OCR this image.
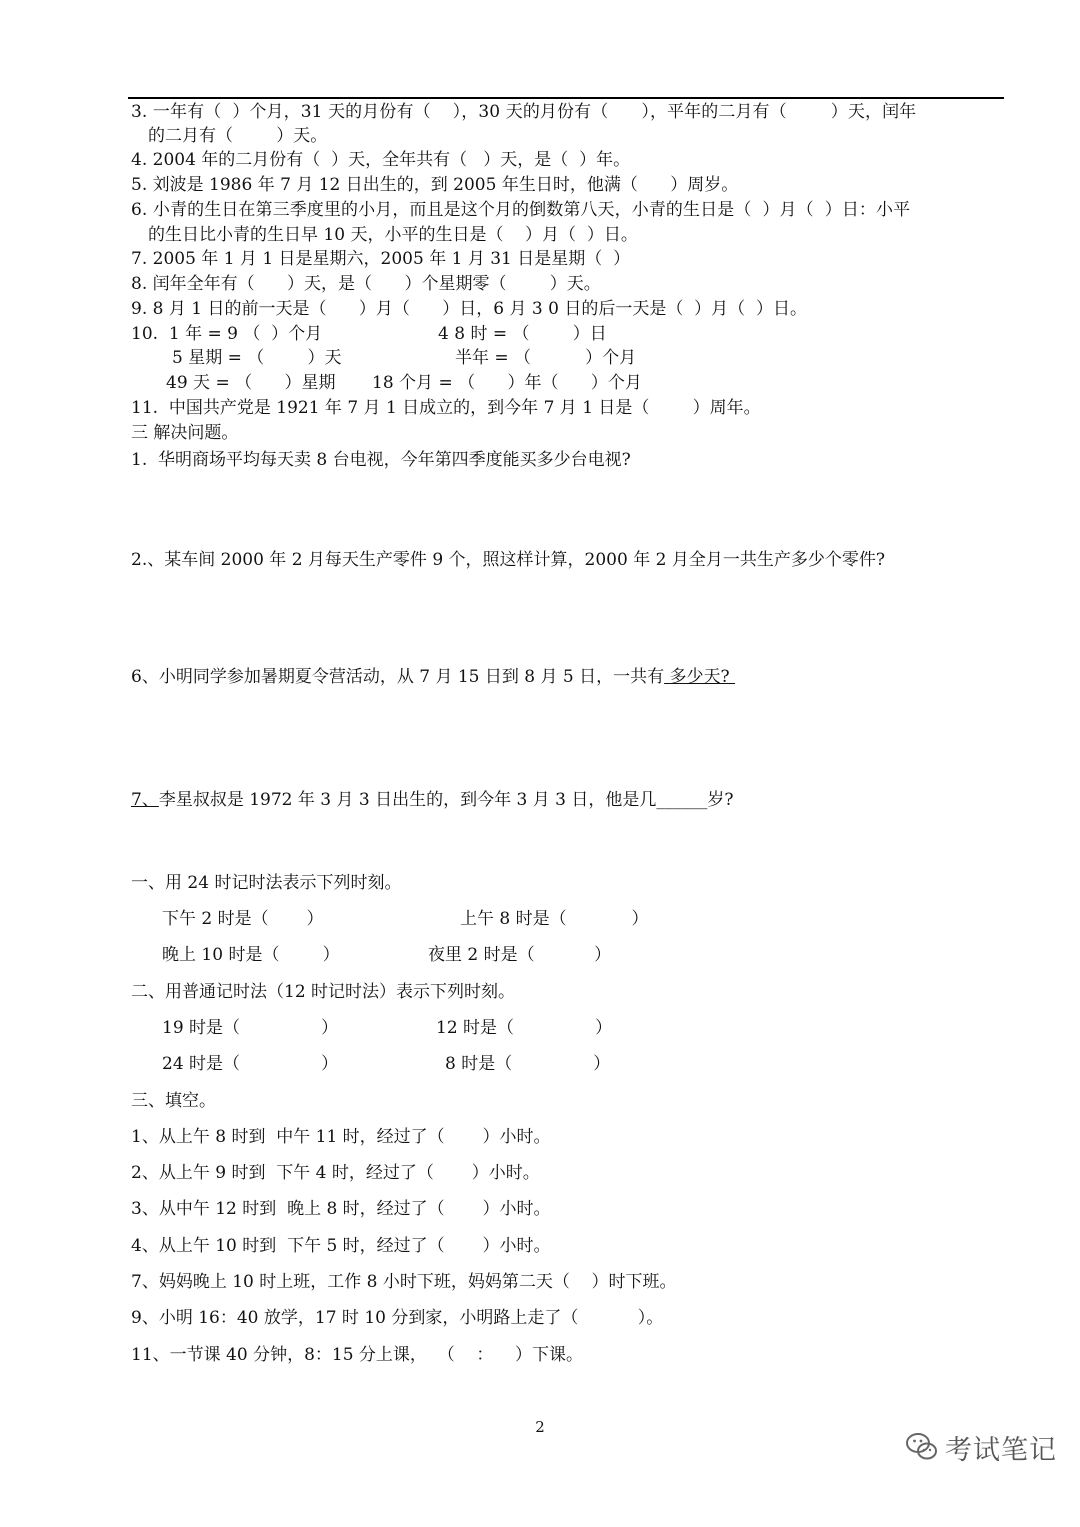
3. 一年有（  ）个月，31 天的月份有（    ），30 天的月份有（      ），平年的二月有（        ）天，闰年
的二月有（        ）天。
4. 2004 年的二月份有（  ）天，全年共有（   ）天，是（  ）年。
5. 刘波是 1986 年 7 月 12 日出生的，到 2005 年生日时，他满（      ）周岁。
6. 小青的生日在第三季度里的小月，而且是这个月的倒数第八天，小青的生日是（  ）月（  ）日：小平
的生日比小青的生日早 10 天，小平的生日是（    ）月（  ）日。
7. 2005 年 1 月 1 日是星期六，2005 年 1 月 31 日是星期（  ）
8. 闰年全年有（      ）天，是（      ）个星期零（        ）天。
9. 8 月 1 日的前一天是（      ）月（      ）日，6 月 3 0 日的后一天是（  ）月（  ）日。
10.  1 年 = 9 （  ）个月	4 8 时 = （        ）日
5 星期 = （        ）天	半年 = （          ）个月
49 天 = （      ）星期 18 个月 = （      ）年（      ）个月
11.  中国共产党是 1921 年 7 月 1 日成立的，到今年 7 月 1 日是（        ）周年。
三 解决问题。
1.  华明商场平均每天卖 8 台电视，今年第四季度能买多少台电视?
2.、某车间 2000 年 2 月每天生产零件 9 个，照这样计算，2000 年 2 月全月一共生产多少个零件?
6、小明同学参加暑期夏令营活动，从 7 月 15 日到 8 月 5 日，一共有 多少天?
7、李星叔叔是 1972 年 3 月 3 日出生的，到今年 3 月 3 日，他是几______岁?
一、用 24 时记时法表示下列时刻。
下午 2 时是（       ）	上午 8 时是（            ）
晚上 10 时是（        ）	夜里 2 时是（           ）
二、用普通记时法（12 时记时法）表示下列时刻。
19 时是（               ）	12 时是（               ）
24 时是（               ）	8 时是（               ）
三、填空。
1、从上午 8 时到  中午 11 时，经过了（       ）小时。
2、从上午 9 时到  下午 4 时，经过了（       ）小时。
3、从中午 12 时到  晚上 8 时，经过了（       ）小时。
4、从上午 10 时到  下午 5 时，经过了（       ）小时。
7、妈妈晚上 10 时上班，工作 8 小时下班，妈妈第二天（    ）时下班。
9、小明 16：40 放学，17 时 10 分到家，小明路上走了（           ）。
11、一节课 40 分钟，8：15 分上课，  （    ：    ）下课。
2
考试笔记
